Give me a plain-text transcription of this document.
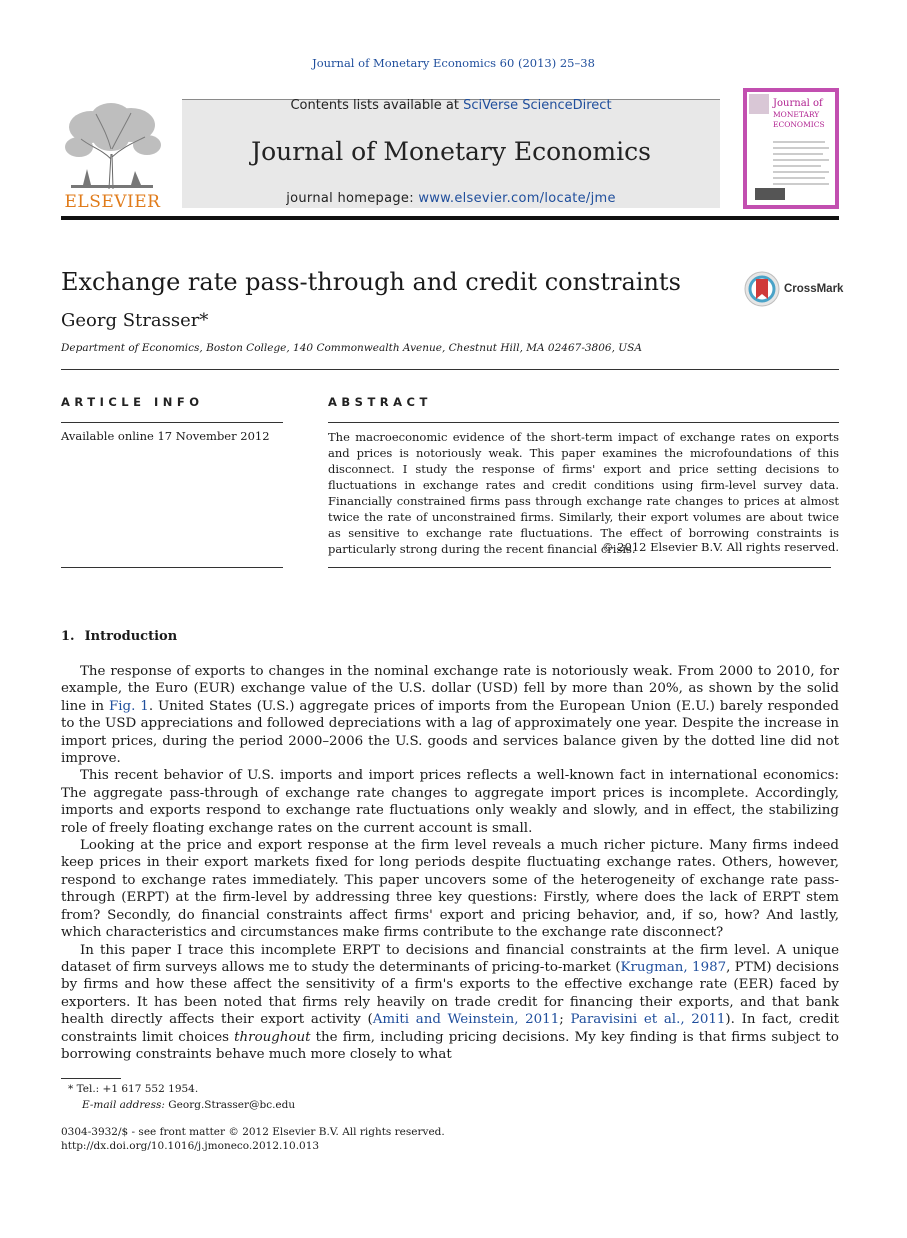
Journal of Monetary Economics 60 (2013) 25–38
ELSEVIER
Contents lists available at SciVerse ScienceDirect
Journal of Monetary Economics
journal homepage: www.elsevier.com/locate/jme
Journal of
MONETARY
ECONOMICS
Exchange rate pass-through and credit constraints	CrossMark
Georg Strasser*
Department of Economics, Boston College, 140 Commonwealth Avenue, Chestnut Hill, MA 02467-3806, USA
ARTICLE INFO	ABSTRACT
Available online 17 November 2012	The macroeconomic evidence of the short-term impact of exchange rates on exports and prices is notoriously weak. This paper examines the microfoundations of this disconnect. I study the response of firms' export and price setting decisions to fluctuations in exchange rates and credit conditions using firm-level survey data. Financially constrained firms pass through exchange rate changes to prices at almost twice the rate of unconstrained firms. Similarly, their export volumes are about twice as sensitive to exchange rate fluctuations. The effect of borrowing constraints is particularly strong during the recent financial crisis.
© 2012 Elsevier B.V. All rights reserved.
1. Introduction

The response of exports to changes in the nominal exchange rate is notoriously weak. From 2000 to 2010, for example, the Euro (EUR) exchange value of the U.S. dollar (USD) fell by more than 20%, as shown by the solid line in Fig. 1. United States (U.S.) aggregate prices of imports from the European Union (E.U.) barely responded to the USD appreciations and followed depreciations with a lag of approximately one year. Despite the increase in import prices, during the period 2000–2006 the U.S. goods and services balance given by the dotted line did not improve.

This recent behavior of U.S. imports and import prices reflects a well-known fact in international economics: The aggregate pass-through of exchange rate changes to aggregate import prices is incomplete. Accordingly, imports and exports respond to exchange rate fluctuations only weakly and slowly, and in effect, the stabilizing role of freely floating exchange rates on the current account is small.

Looking at the price and export response at the firm level reveals a much richer picture. Many firms indeed keep prices in their export markets fixed for long periods despite fluctuating exchange rates. Others, however, respond to exchange rates immediately. This paper uncovers some of the heterogeneity of exchange rate pass-through (ERPT) at the firm-level by addressing three key questions: Firstly, where does the lack of ERPT stem from? Secondly, do financial constraints affect firms' export and pricing behavior, and, if so, how? And lastly, which characteristics and circumstances make firms contribute to the exchange rate disconnect?

In this paper I trace this incomplete ERPT to decisions and financial constraints at the firm level. A unique dataset of firm surveys allows me to study the determinants of pricing-to-market (Krugman, 1987, PTM) decisions by firms and how these affect the sensitivity of a firm's exports to the effective exchange rate (EER) faced by exporters. It has been noted that firms rely heavily on trade credit for financing their exports, and that bank health directly affects their export activity (Amiti and Weinstein, 2011; Paravisini et al., 2011). In fact, credit constraints limit choices throughout the firm, including pricing decisions. My key finding is that firms subject to borrowing constraints behave much more closely to what

* Tel.: +1 617 552 1954.
E-mail address: Georg.Strasser@bc.edu
0304-3932/$ - see front matter © 2012 Elsevier B.V. All rights reserved.
http://dx.doi.org/10.1016/j.jmoneco.2012.10.013
